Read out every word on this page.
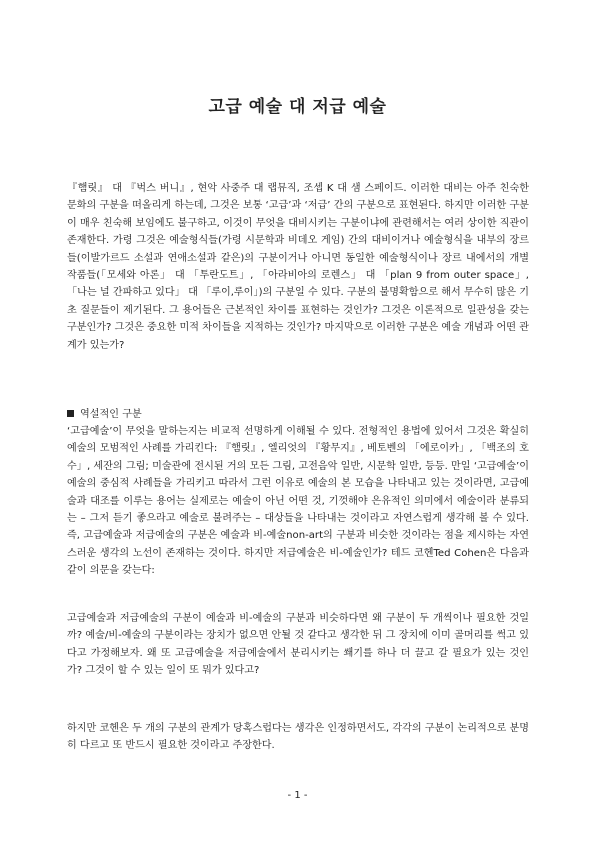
고급 예술 대 저급 예술

『햄릿』 대 『벅스 버니』, 현악 사중주 대 랩뮤직, 조셉 K 대 샘 스페이드. 이러한 대비는 아주 친숙한 문화의 구분을 떠올리게 하는데, 그것은 보통 ‘고급’과 ‘저급’ 간의 구분으로 표현된다. 하지만 이러한 구분이 매우 친숙해 보임에도 불구하고, 이것이 무엇을 대비시키는 구분이냐에 관련해서는 여러 상이한 직관이 존재한다. 가령 그것은 예술형식들(가령 시문학과 비데오 게임) 간의 대비이거나 예술형식을 내부의 장르들(이발가르드 소설과 연애소설과 같은)의 구분이거나 아니면 동일한 예술형식이나 장르 내에서의 개별 작품들(「모세와 아론」 대 「투란도트」, 「아라비아의 로렌스」 대 「plan 9 from outer space」, 「나는 널 간파하고 있다」 대 「루이,루이」)의 구분일 수 있다. 구분의 불명확함으로 해서 무수히 많은 기초 질문들이 제기된다. 그 용어들은 근본적인 차이를 표현하는 것인가? 그것은 이론적으로 일관성을 갖는 구분인가? 그것은 중요한 미적 차이들을 지적하는 것인가? 마지막으로 이러한 구분은 예술 개념과 어떤 관계가 있는가?

역설적인 구분

‘고급예술’이 무엇을 말하는지는 비교적 선명하게 이해될 수 있다. 전형적인 용법에 있어서 그것은 확실히 예술의 모범적인 사례를 가리킨다: 『햄릿』, 엘리엇의 『황무지』, 베토벤의 「에로이카」, 「백조의 호수」, 세잔의 그림; 미술관에 전시된 거의 모든 그림, 고전음악 일반, 시문학 일반, 등등. 만일 ‘고급예술’이 예술의 중심적 사례들을 가리키고 따라서 그런 이유로 예술의 본 모습을 나타내고 있는 것이라면, 고급예술과 대조를 이루는 용어는 실제로는 예술이 아닌 어떤 것, 기껏해야 은유적인 의미에서 예술이라 분류되는 – 그저 듣기 좋으라고 예술로 불려주는 – 대상들을 나타내는 것이라고 자연스럽게 생각해 볼 수 있다. 즉, 고급예술과 저급예술의 구분은 예술과 비-예술non-art의 구분과 비슷한 것이라는 점을 제시하는 자연스러운 생각의 노선이 존재하는 것이다. 하지만 저급예술은 비-예술인가? 테드 코헨Ted Cohen은 다음과 같이 의문을 갖는다:

고급예술과 저급예술의 구분이 예술과 비-예술의 구분과 비슷하다면 왜 구분이 두 개씩이나 필요한 것일까? 예술/비-예술의 구분이라는 장치가 없으면 안될 것 같다고 생각한 뒤 그 장치에 이미 골머리를 썩고 있다고 가정해보자. 왜 또 고급예술을 저급예술에서 분리시키는 쐐기를 하나 더 끌고 갈 필요가 있는 것인가? 그것이 할 수 있는 일이 또 뭐가 있다고?

하지만 코헨은 두 개의 구분의 관계가 당혹스럽다는 생각은 인정하면서도, 각각의 구분이 논리적으로 분명히 다르고 또 반드시 필요한 것이라고 주장한다.

- 1 -
